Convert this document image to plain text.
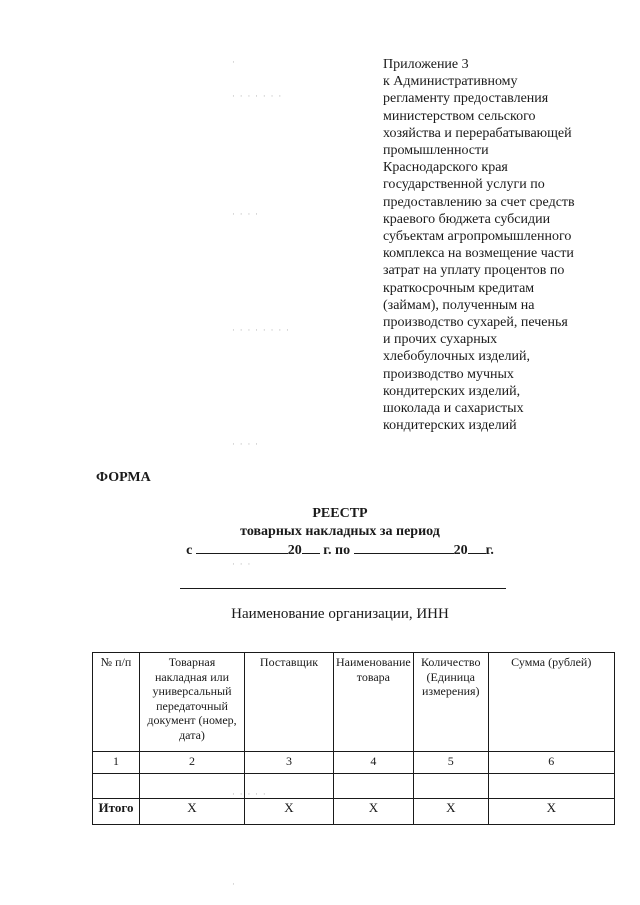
Приложение 3
к Административному
регламенту предоставления
министерством сельского
хозяйства и перерабатывающей
промышленности
Краснодарского края
государственной услуги по
предоставлению за счет средств
краевого бюджета субсидии
субъектам агропромышленного
комплекса на возмещение части
затрат на уплату процентов по
краткосрочным кредитам
(займам), полученным на
производство сухарей, печенья
и прочих сухарных
хлебобулочных изделий,
производство мучных
кондитерских изделий,
шоколада и сахаристых
кондитерских изделий
ФОРМА
РЕЕСТР
товарных накладных за период
с	20 г. по	20 г.
Наименование организации, ИНН
№ п/п	Товарная накладная или универсальный передаточный документ (номер, дата)	Поставщик	Наименование товара	Количество (Единица измерения)	Сумма (рублей)
1	2	3	4	5	6

Итого	Х	Х	Х	Х	Х
·
· · · · · · ·
· · · ·
· · · · · · · ·
· · · ·
· · ·
· · · · ·
·
